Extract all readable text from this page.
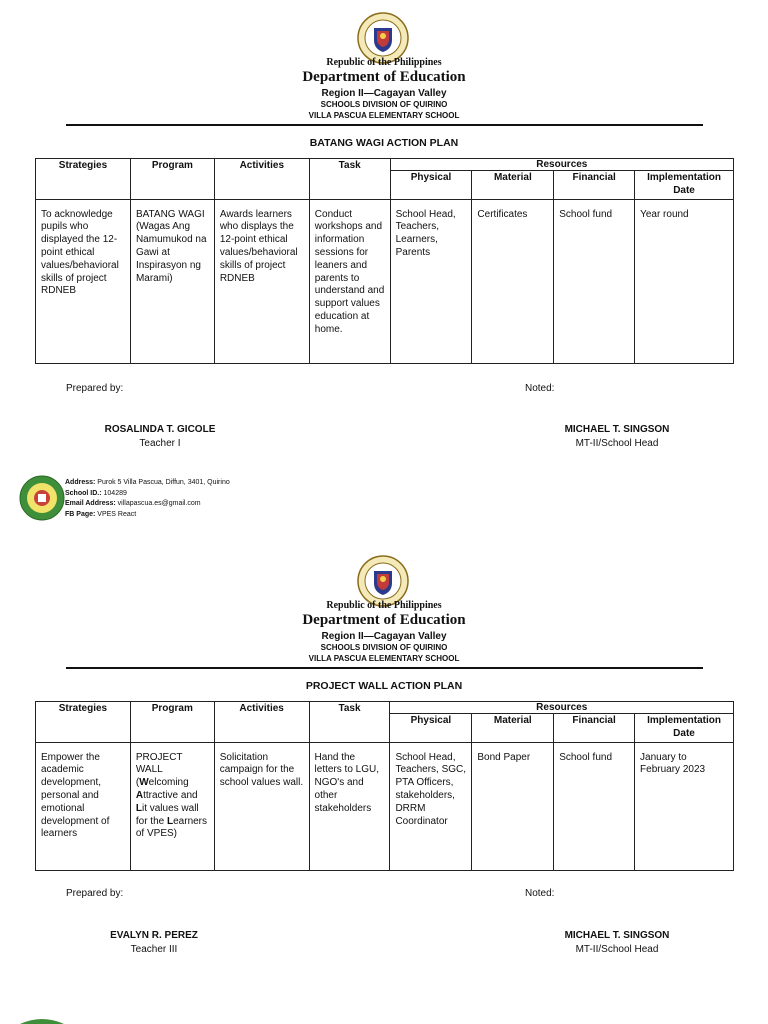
Republic of the Philippines
Department of Education
Region II—Cagayan Valley
SCHOOLS DIVISION OF QUIRINO
VILLA PASCUA ELEMENTARY SCHOOL
BATANG WAGI ACTION PLAN
Strategies	Program	Activities	Task	Resources			
				Physical	Material	Financial	Implementation Date
To acknowledge pupils who displayed the 12-point ethical values/behavioral skills of project RDNEB	BATANG WAGI (Wagas Ang Namumukod na Gawi at Inspirasyon ng Marami)	Awards learners who displays the 12-point ethical values/behavioral skills of project RDNEB	Conduct workshops and information sessions for leaners and parents to understand and support values education at home.	School Head, Teachers, Learners, Parents	Certificates	School fund	Year round
Prepared by:	Noted:
ROSALINDA T. GICOLE
Teacher I
MICHAEL T. SINGSON
MT-II/School Head
Address: Purok 5 Villa Pascua, Diffun, 3401, Quirino
School ID.: 104289
Email Address: villapascua.es@gmail.com
FB Page: VPES React
Republic of the Philippines
Department of Education
Region II—Cagayan Valley
SCHOOLS DIVISION OF QUIRINO
VILLA PASCUA ELEMENTARY SCHOOL
PROJECT WALL ACTION PLAN
Strategies	Program	Activities	Task	Resources			
				Physical	Material	Financial	Implementation Date
Empower the academic development, personal and emotional development of learners	PROJECT WALL (Welcoming Attractive and Lit values wall for the Learners of VPES)	Solicitation campaign for the school values wall.	Hand the letters to LGU, NGO's and other stakeholders	School Head, Teachers, SGC, PTA Officers, stakeholders, DRRM Coordinator	Bond Paper	School fund	January to February 2023
Prepared by:	Noted:
EVALYN R. PEREZ
Teacher III
MICHAEL T. SINGSON
MT-II/School Head
